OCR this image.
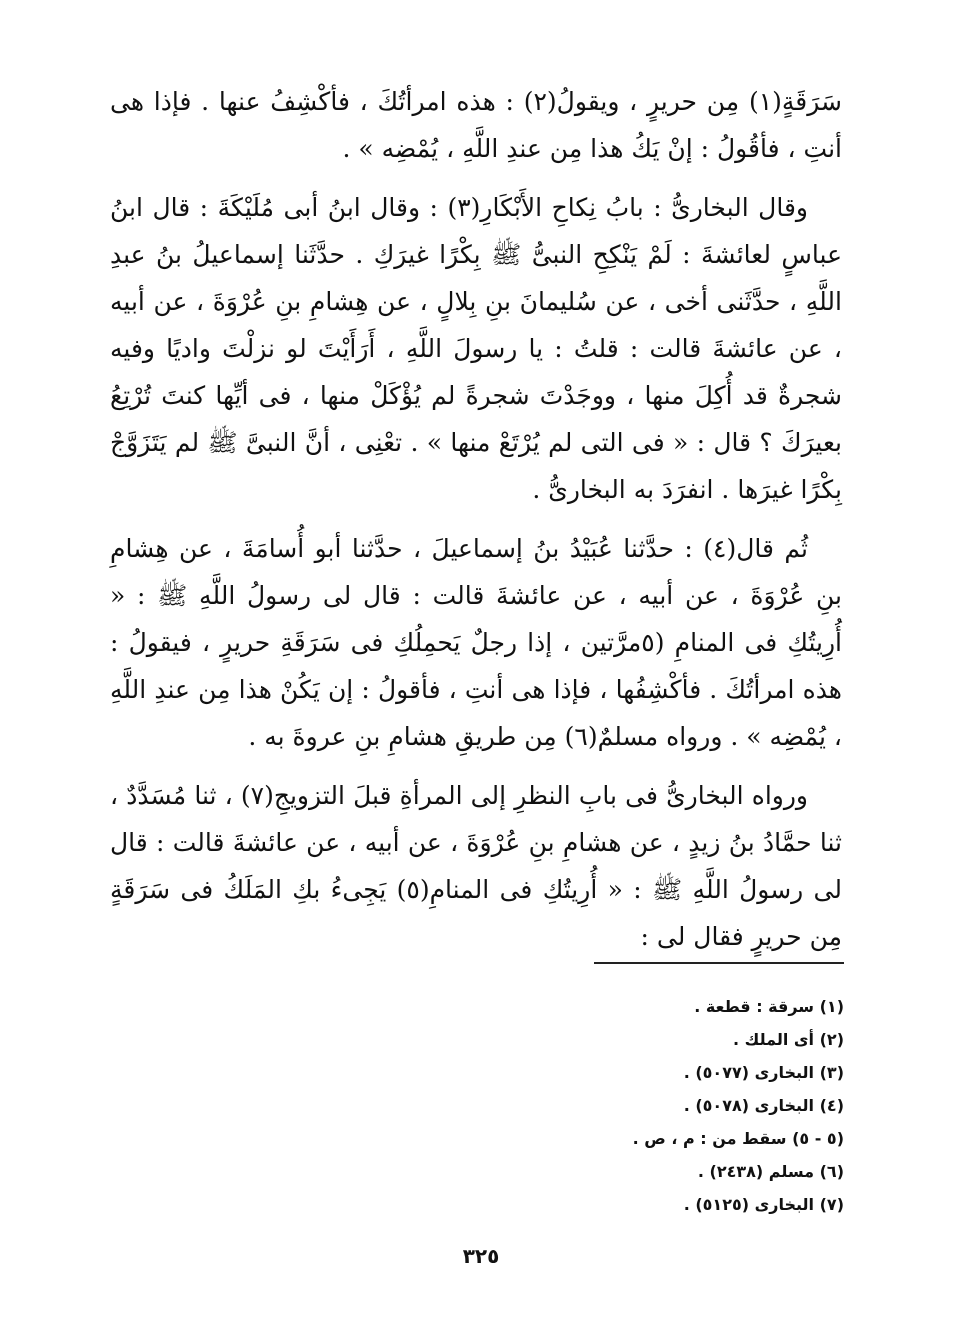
سَرَقَةٍ(١) مِن حريرٍ ، ويقولُ(٢) : هذه امرأتُكَ ، فأكْشِفُ عنها . فإذا هى أنتِ ، فأقُولُ : إنْ يَكُ هذا مِن عندِ اللَّهِ ، يُمْضِه » .

وقال البخارىُّ : بابُ نِكاحِ الأَبْكَارِ(٣) : وقال ابنُ أبى مُلَيْكَةَ : قال ابنُ عباسٍ لعائشةَ : لَمْ يَنْكِحِ النبىُّ ﷺ بِكْرًا غيرَكِ . حدَّثَنا إسماعيلُ بنُ عبدِ اللَّهِ ، حدَّثَنى أخى ، عن سُليمانَ بنِ بِلالٍ ، عن هِشامِ بنِ عُرْوَةَ ، عن أبيه ، عن عائشةَ قالت : قلتُ : يا رسولَ اللَّهِ ، أَرَأَيْتَ لو نزلْتَ واديًا وفيه شجرةٌ قد أُكِلَ منها ، ووجَدْتَ شجرةً لم يُؤْكَلْ منها ، فى أيِّها كنتَ تُرْتِعُ بعيرَكَ ؟ قال : « فى التى لم يُرْتَعْ منها » . تعْنِى ، أنَّ النبىَّ ﷺ لم يَتَزَوَّجْ بِكْرًا غيرَها . انفرَدَ به البخارىُّ .

ثُم قال(٤) : حدَّثنا عُبَيْدُ بنُ إسماعيلَ ، حدَّثنا أبو أُسامَةَ ، عن هِشامِ بنِ عُرْوَةَ ، عن أبيه ، عن عائشةَ قالت : قال لى رسولُ اللَّهِ ﷺ : « أُرِيتُكِ فى المنامِ (٥مرَّتين ، إذا رجلٌ يَحمِلُكِ فى سَرَقَةِ حريرٍ ، فيقولُ : هذه امرأتُكَ . فأكْشِفُها ، فإذا هى أنتِ ، فأقولُ : إن يَكُنْ هذا مِن عندِ اللَّهِ ، يُمْضِه » . ورواه مسلمٌ(٦) مِن طريقِ هشامِ بنِ عروةَ به .

ورواه البخارىُّ فى بابِ النظرِ إلى المرأةِ قبلَ التزويجِ(٧) ، ثنا مُسَدَّدٌ ، ثنا حمَّادُ بنُ زيدٍ ، عن هشامِ بنِ عُرْوَةَ ، عن أبيه ، عن عائشةَ قالت : قال لى رسولُ اللَّهِ ﷺ : « أُرِيتُكِ فى المنامِ(٥) يَجِىءُ بكِ المَلَكُ فى سَرَقَةٍ مِن حريرٍ فقال لى :

(١) سرقة : قطعة .

(٢) أى الملك .

(٣) البخارى (٥٠٧٧) .

(٤) البخارى (٥٠٧٨) .

(٥ - ٥) سقط من : م ، ص .

(٦) مسلم (٢٤٣٨) .

(٧) البخارى (٥١٢٥) .

٣٢٥
